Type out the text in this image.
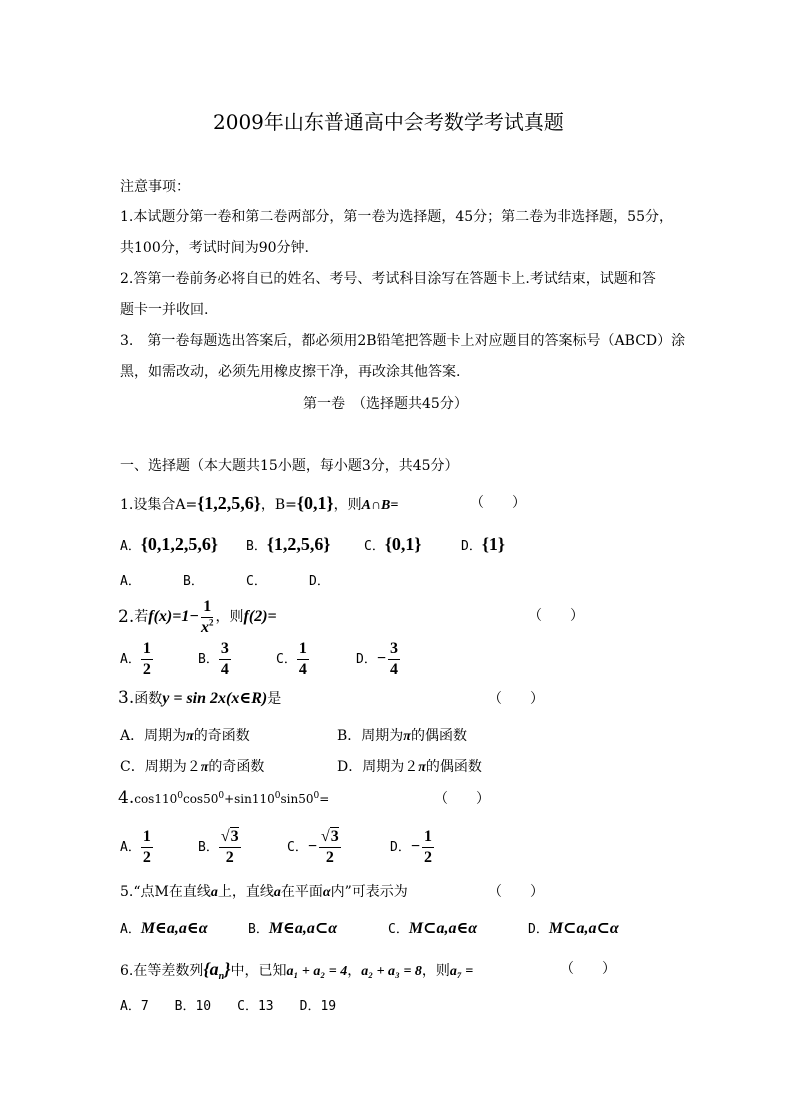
2009年山东普通高中会考数学考试真题
注意事项：
1.本试题分第一卷和第二卷两部分，第一卷为选择题，45分；第二卷为非选择题，55分，
共100分，考试时间为90分钟.
2.答第一卷前务必将自已的姓名、考号、考试科目涂写在答题卡上.考试结束，试题和答
题卡一并收回.
3.　第一卷每题选出答案后，都必须用2B铅笔把答题卡上对应题目的答案标号（ABCD）涂
黑，如需改动，必须先用橡皮擦干净，再改涂其他答案.
第一卷　（选择题共45分）
一、选择题（本大题共15小题，每小题3分，共45分）
1.设集合A={1,2,5,6}，B={0,1}，则A∩B=	（　　）
A．{0,1,2,5,6} B．{1,2,5,6}	C．{0,1}	D．{1}
A．	B．	C．	D．
2. 若 $f(x)=1- \frac{1}{x^2}$ ，则 f(2)=	（　　）
A． $\frac{1}{2}$	B． $\frac{3}{4}$	C． $\frac{1}{4}$	D． − $\frac{3}{4}$
3.函数y = sin 2x(x∈R)是	（　　）
A．周期为π的奇函数	B．周期为π的偶函数
C．周期为２π的奇函数	D．周期为２π的偶函数
$4.\cos 110^0\cos 50^0+\sin 110^0\sin 50^0=$	（　　）
A． $\frac{1}{2}$	B． $\frac{√3}{2}$	C． − $\frac{√3}{2}$	D． − $\frac{1}{2}$
5.“点M在直线a上，直线a在平面α内”可表示为	（　　）
A．M∈a,a∈α	B．M∈a,a⊂α	C．M⊂a,a∈α	D．M⊂a,a⊂α
6.在等差数列$\{a_n\}$中，已知a₁ + a₂ = 4，a₂ + a₃ = 8，则a₇ =	（　　）
A．7　　B．10　　C．13　　D．19
